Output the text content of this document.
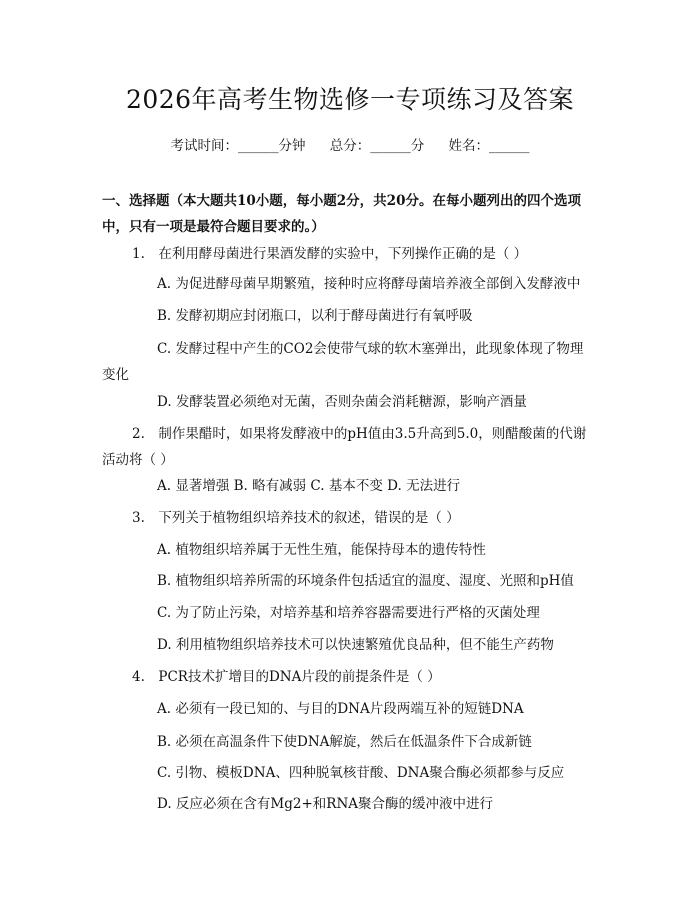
2026年高考生物选修一专项练习及答案
考试时间：______分钟 总分：______分 姓名：______
一、选择题（本大题共10小题，每小题2分，共20分。在每小题列出的四个选项中，只有一项是最符合题目要求的。）
1.　在利用酵母菌进行果酒发酵的实验中，下列操作正确的是（ ）
A. 为促进酵母菌早期繁殖，接种时应将酵母菌培养液全部倒入发酵液中
B. 发酵初期应封闭瓶口，以利于酵母菌进行有氧呼吸
C. 发酵过程中产生的CO2会使带气球的软木塞弹出，此现象体现了物理变化
D. 发酵装置必须绝对无菌，否则杂菌会消耗糖源，影响产酒量
2.　制作果醋时，如果将发酵液中的pH值由3.5升高到5.0，则醋酸菌的代谢活动将（ ）
A. 显著增强 B. 略有减弱 C. 基本不变 D. 无法进行
3.　下列关于植物组织培养技术的叙述，错误的是（ ）
A. 植物组织培养属于无性生殖，能保持母本的遗传特性
B. 植物组织培养所需的环境条件包括适宜的温度、湿度、光照和pH值
C. 为了防止污染，对培养基和培养容器需要进行严格的灭菌处理
D. 利用植物组织培养技术可以快速繁殖优良品种，但不能生产药物
4.　PCR技术扩增目的DNA片段的前提条件是（ ）
A. 必须有一段已知的、与目的DNA片段两端互补的短链DNA
B. 必须在高温条件下使DNA解旋，然后在低温条件下合成新链
C. 引物、模板DNA、四种脱氧核苷酸、DNA聚合酶必须都参与反应
D. 反应必须在含有Mg2+和RNA聚合酶的缓冲液中进行
